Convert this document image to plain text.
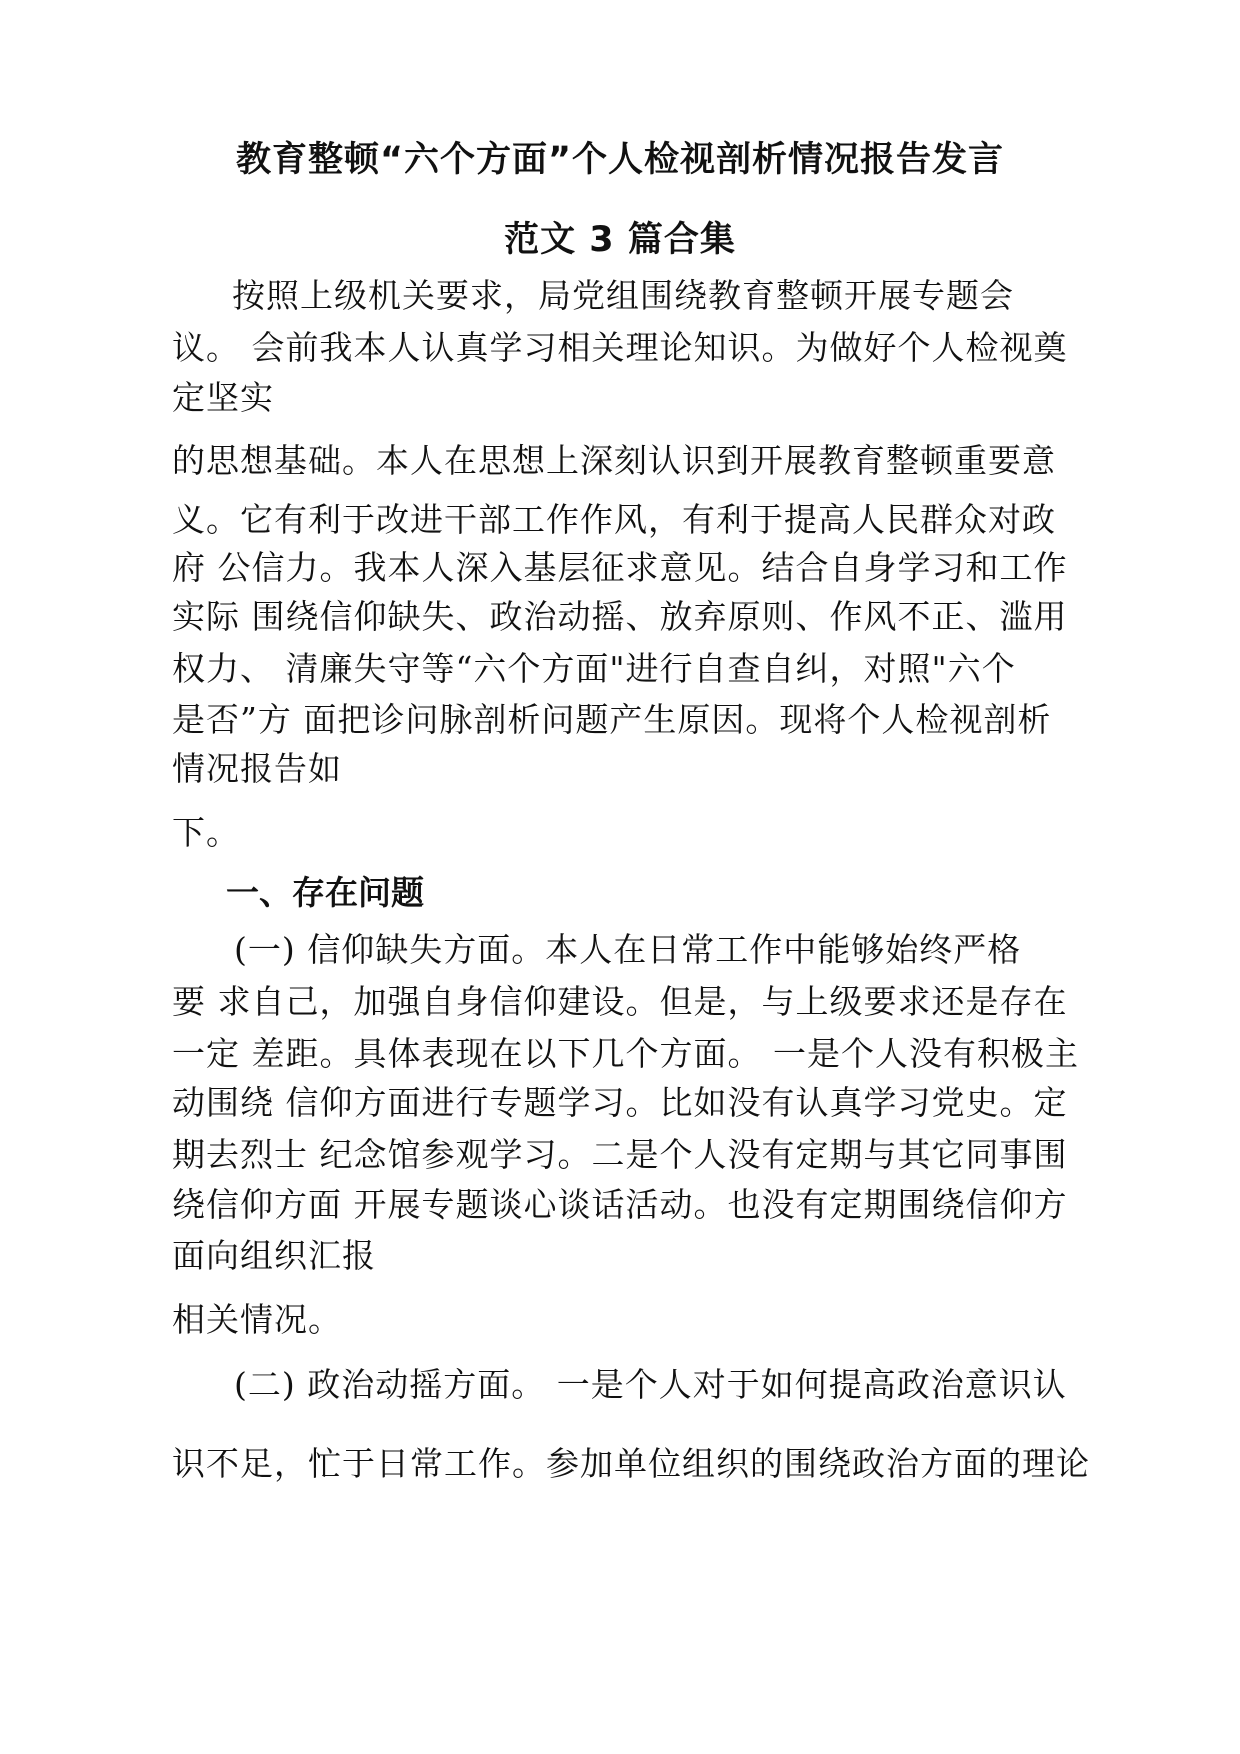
教育整顿“六个方面”个人检视剖析情况报告发言
范文 3 篇合集
按照上级机关要求，局党组围绕教育整顿开展专题会
议。 会前我本人认真学习相关理论知识。为做好个人检视奠
定坚实
的思想基础。本人在思想上深刻认识到开展教育整顿重要意
义。它有利于改进干部工作作风，有利于提高人民群众对政
府 公信力。我本人深入基层征求意见。结合自身学习和工作
实际 围绕信仰缺失、政治动摇、放弃原则、作风不正、滥用
权力、 清廉失守等“六个方面"进行自查自纠，对照"六个
是否”方 面把诊问脉剖析问题产生原因。现将个人检视剖析
情况报告如
下。
一、存在问题
(一) 信仰缺失方面。本人在日常工作中能够始终严格
要 求自己，加强自身信仰建设。但是，与上级要求还是存在
一定 差距。具体表现在以下几个方面。 一是个人没有积极主
动围绕 信仰方面进行专题学习。比如没有认真学习党史。定
期去烈士 纪念馆参观学习。二是个人没有定期与其它同事围
绕信仰方面 开展专题谈心谈话活动。也没有定期围绕信仰方
面向组织汇报
相关情况。
(二) 政治动摇方面。 一是个人对于如何提高政治意识认
识不足，忙于日常工作。参加单位组织的围绕政治方面的理论
